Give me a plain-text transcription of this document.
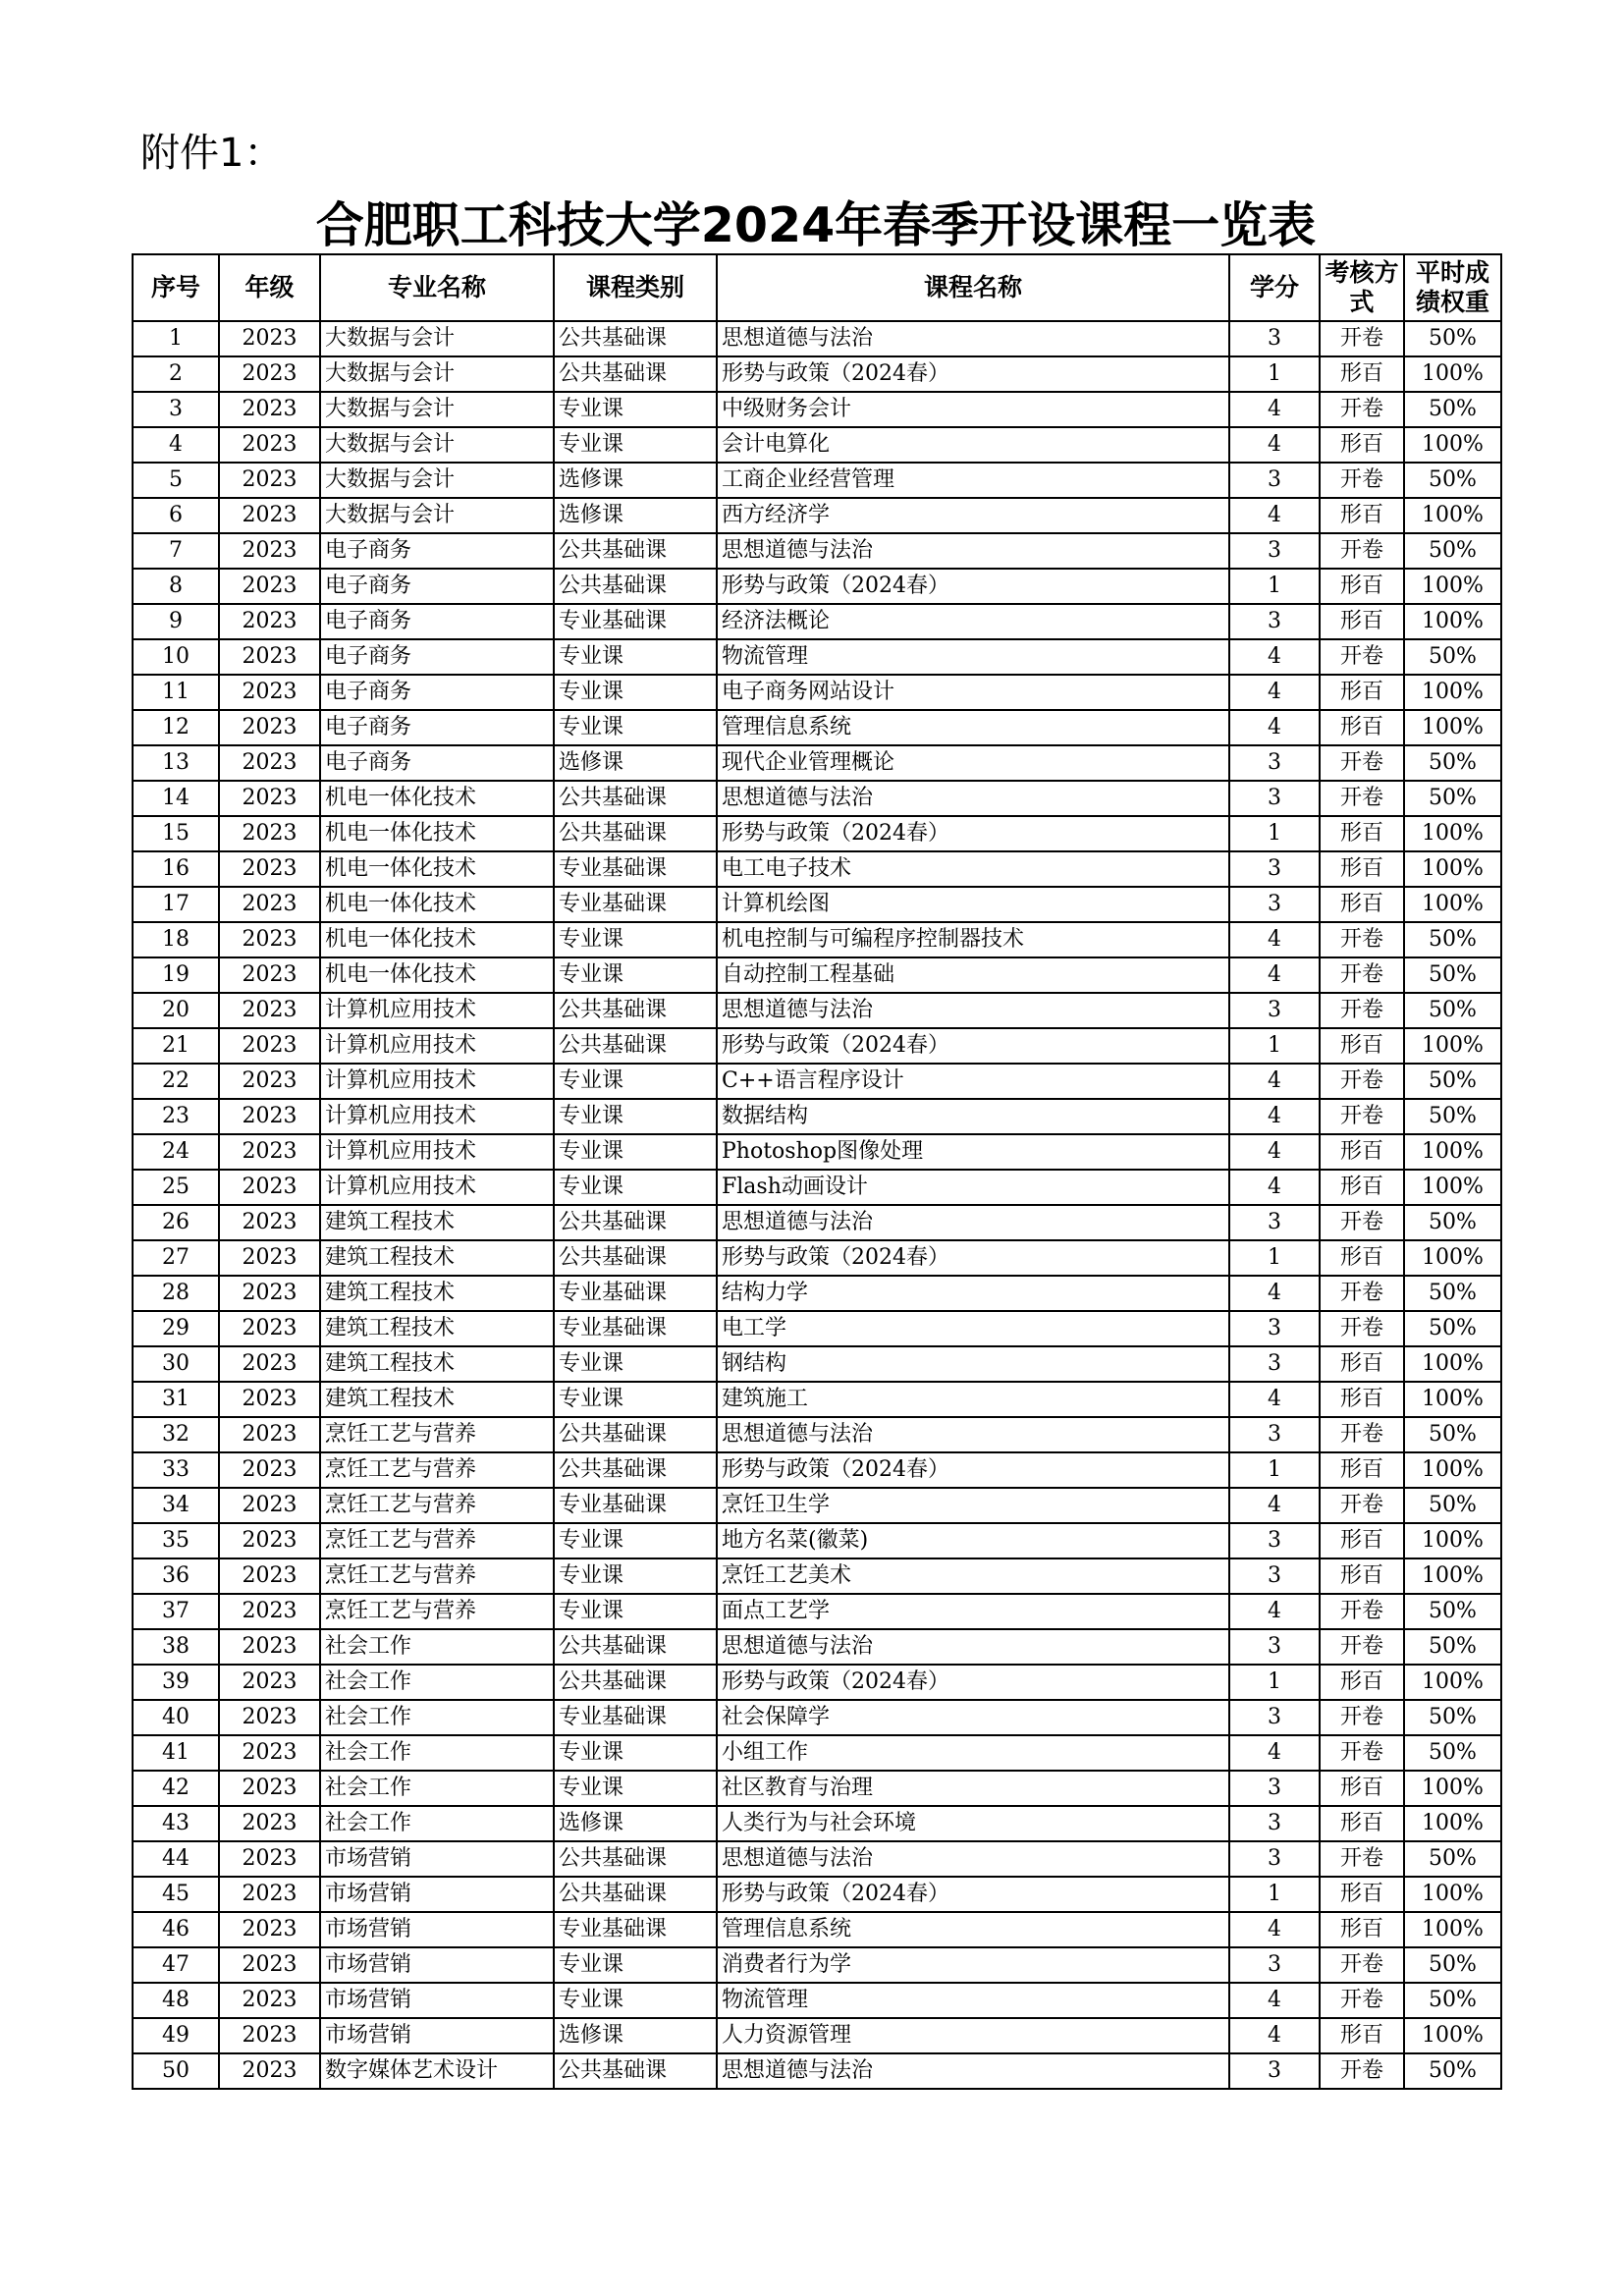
附件1：
合肥职工科技大学2024年春季开设课程一览表
序号	年级	专业名称	课程类别	课程名称	学分	考核方式	平时成绩权重
1	2023	大数据与会计	公共基础课	思想道德与法治	3	开卷	50%
2	2023	大数据与会计	公共基础课	形势与政策（2024春）	1	形百	100%
3	2023	大数据与会计	专业课	中级财务会计	4	开卷	50%
4	2023	大数据与会计	专业课	会计电算化	4	形百	100%
5	2023	大数据与会计	选修课	工商企业经营管理	3	开卷	50%
6	2023	大数据与会计	选修课	西方经济学	4	形百	100%
7	2023	电子商务	公共基础课	思想道德与法治	3	开卷	50%
8	2023	电子商务	公共基础课	形势与政策（2024春）	1	形百	100%
9	2023	电子商务	专业基础课	经济法概论	3	形百	100%
10	2023	电子商务	专业课	物流管理	4	开卷	50%
11	2023	电子商务	专业课	电子商务网站设计	4	形百	100%
12	2023	电子商务	专业课	管理信息系统	4	形百	100%
13	2023	电子商务	选修课	现代企业管理概论	3	开卷	50%
14	2023	机电一体化技术	公共基础课	思想道德与法治	3	开卷	50%
15	2023	机电一体化技术	公共基础课	形势与政策（2024春）	1	形百	100%
16	2023	机电一体化技术	专业基础课	电工电子技术	3	形百	100%
17	2023	机电一体化技术	专业基础课	计算机绘图	3	形百	100%
18	2023	机电一体化技术	专业课	机电控制与可编程序控制器技术	4	开卷	50%
19	2023	机电一体化技术	专业课	自动控制工程基础	4	开卷	50%
20	2023	计算机应用技术	公共基础课	思想道德与法治	3	开卷	50%
21	2023	计算机应用技术	公共基础课	形势与政策（2024春）	1	形百	100%
22	2023	计算机应用技术	专业课	C++语言程序设计	4	开卷	50%
23	2023	计算机应用技术	专业课	数据结构	4	开卷	50%
24	2023	计算机应用技术	专业课	Photoshop图像处理	4	形百	100%
25	2023	计算机应用技术	专业课	Flash动画设计	4	形百	100%
26	2023	建筑工程技术	公共基础课	思想道德与法治	3	开卷	50%
27	2023	建筑工程技术	公共基础课	形势与政策（2024春）	1	形百	100%
28	2023	建筑工程技术	专业基础课	结构力学	4	开卷	50%
29	2023	建筑工程技术	专业基础课	电工学	3	开卷	50%
30	2023	建筑工程技术	专业课	钢结构	3	形百	100%
31	2023	建筑工程技术	专业课	建筑施工	4	形百	100%
32	2023	烹饪工艺与营养	公共基础课	思想道德与法治	3	开卷	50%
33	2023	烹饪工艺与营养	公共基础课	形势与政策（2024春）	1	形百	100%
34	2023	烹饪工艺与营养	专业基础课	烹饪卫生学	4	开卷	50%
35	2023	烹饪工艺与营养	专业课	地方名菜(徽菜)	3	形百	100%
36	2023	烹饪工艺与营养	专业课	烹饪工艺美术	3	形百	100%
37	2023	烹饪工艺与营养	专业课	面点工艺学	4	开卷	50%
38	2023	社会工作	公共基础课	思想道德与法治	3	开卷	50%
39	2023	社会工作	公共基础课	形势与政策（2024春）	1	形百	100%
40	2023	社会工作	专业基础课	社会保障学	3	开卷	50%
41	2023	社会工作	专业课	小组工作	4	开卷	50%
42	2023	社会工作	专业课	社区教育与治理	3	形百	100%
43	2023	社会工作	选修课	人类行为与社会环境	3	形百	100%
44	2023	市场营销	公共基础课	思想道德与法治	3	开卷	50%
45	2023	市场营销	公共基础课	形势与政策（2024春）	1	形百	100%
46	2023	市场营销	专业基础课	管理信息系统	4	形百	100%
47	2023	市场营销	专业课	消费者行为学	3	开卷	50%
48	2023	市场营销	专业课	物流管理	4	开卷	50%
49	2023	市场营销	选修课	人力资源管理	4	形百	100%
50	2023	数字媒体艺术设计	公共基础课	思想道德与法治	3	开卷	50%
